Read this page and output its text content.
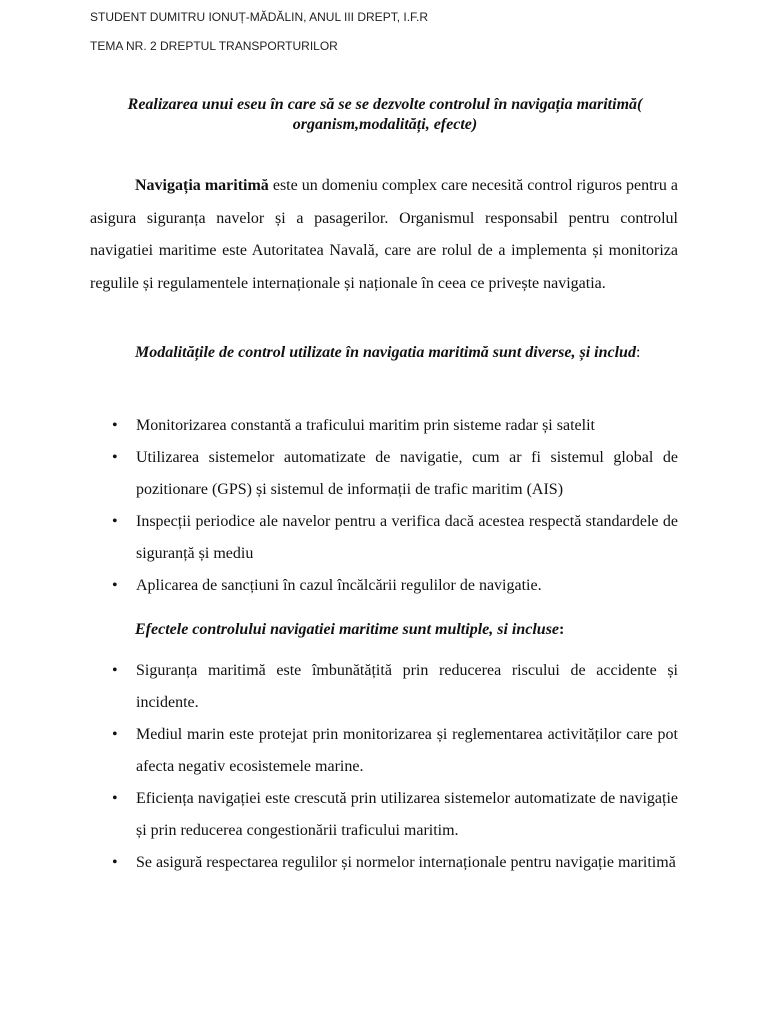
STUDENT DUMITRU IONUȚ-MĂDĂLIN, ANUL III DREPT, I.F.R
TEMA NR. 2 DREPTUL TRANSPORTURILOR
Realizarea unui eseu în care să se se dezvolte controlul în navigația maritimă( organism,modalități, efecte)

Navigația maritimă este un domeniu complex care necesită control riguros pentru a asigura siguranța navelor și a pasagerilor. Organismul responsabil pentru controlul navigatiei maritime este Autoritatea Navală, care are rolul de a implementa și monitoriza regulile și regulamentele internaționale și naționale în ceea ce privește navigatia.

Modalitățile de control utilizate în navigatia maritimă sunt diverse, și includ:

• Monitorizarea constantă a traficului maritim prin sisteme radar și satelit
• Utilizarea sistemelor automatizate de navigatie, cum ar fi sistemul global de pozitionare (GPS) și sistemul de informații de trafic maritim (AIS)
• Inspecții periodice ale navelor pentru a verifica dacă acestea respectă standardele de siguranță și mediu
• Aplicarea de sancțiuni în cazul încălcării regulilor de navigatie.
Efectele controlului navigatiei maritime sunt multiple, si incluse:
• Siguranța maritimă este îmbunătățită prin reducerea riscului de accidente și incidente.
• Mediul marin este protejat prin monitorizarea și reglementarea activităților care pot afecta negativ ecosistemele marine.
• Eficiența navigației este crescută prin utilizarea sistemelor automatizate de navigație și prin reducerea congestionării traficului maritim.
• Se asigură respectarea regulilor și normelor internaționale pentru navigație maritimă
